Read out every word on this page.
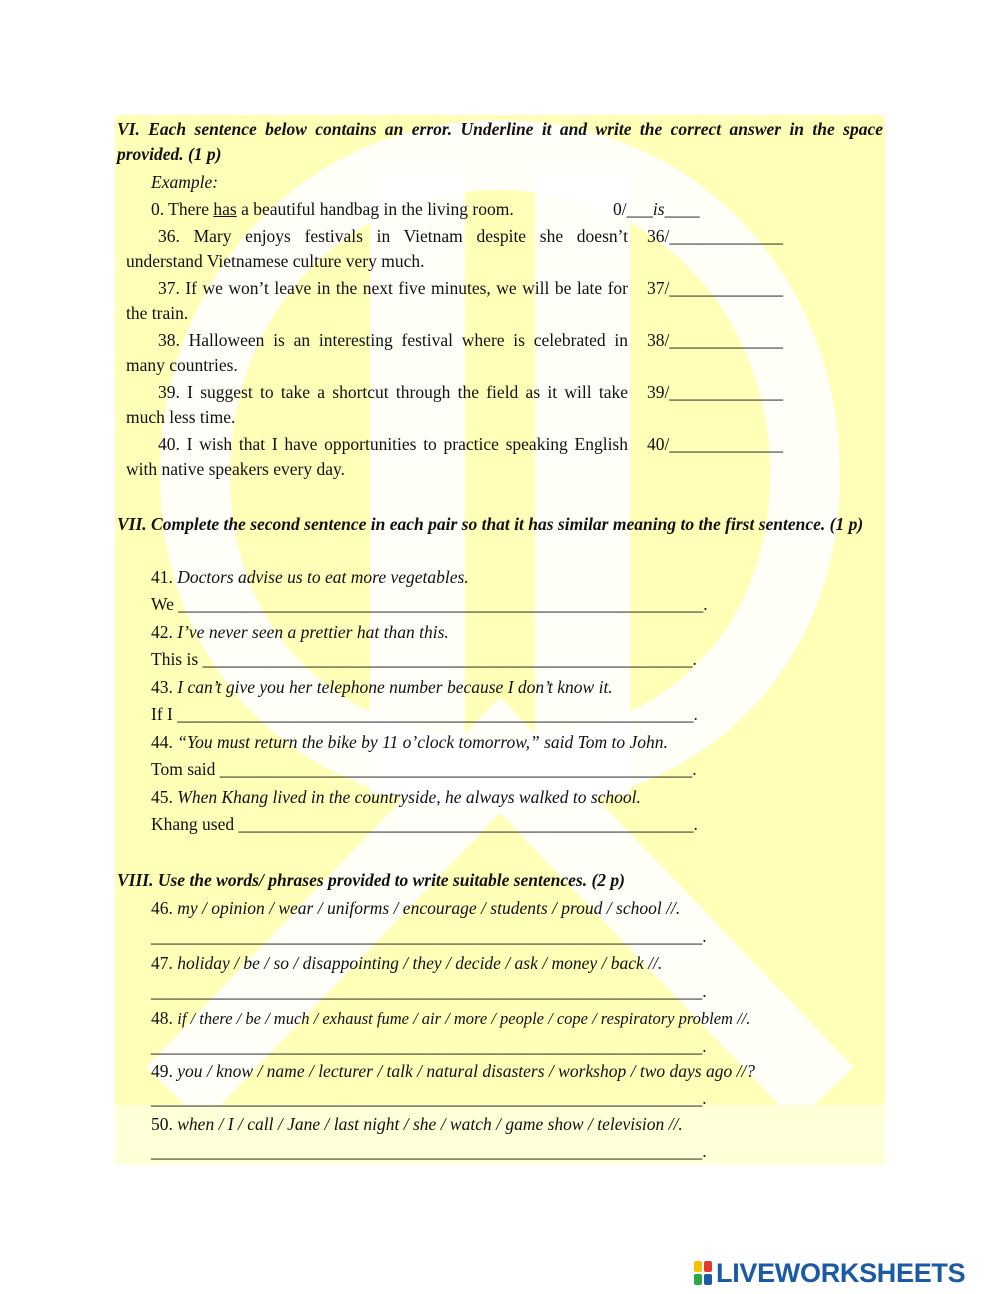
VI. Each sentence below contains an error. Underline it and write the correct answer in the space provided. (1 p)
Example:
0. There has a beautiful handbag in the living room.	0/___is____
36. Mary enjoys festivals in Vietnam despite she doesn’t understand Vietnamese culture very much.
36/_____________
37. If we won’t leave in the next five minutes, we will be late for the train.
37/_____________
38. Halloween is an interesting festival where is celebrated in many countries.
38/_____________
39. I suggest to take a shortcut through the field as it will take much less time.
39/_____________
40. I wish that I have opportunities to practice speaking English with native speakers every day.
40/_____________
VII. Complete the second sentence in each pair so that it has similar meaning to the first sentence. (1 p)
41. Doctors advise us to eat more vegetables.
We ____________________________________________________________.
42. I’ve never seen a prettier hat than this.
This is ________________________________________________________.
43. I can’t give you her telephone number because I don’t know it.
If I ___________________________________________________________.
44. “You must return the bike by 11 o’clock tomorrow,” said Tom to John.
Tom said ______________________________________________________.
45. When Khang lived in the countryside, he always walked to school.
Khang used ____________________________________________________.
VIII. Use the words/ phrases provided to write suitable sentences. (2 p)
46. my / opinion / wear / uniforms / encourage / students / proud / school //.
_______________________________________________________________.
47. holiday / be / so / disappointing / they / decide / ask / money / back //.
_______________________________________________________________.
48. if / there / be / much / exhaust fume / air / more / people / cope / respiratory problem //.
_______________________________________________________________.
49. you / know / name / lecturer / talk / natural disasters / workshop / two days ago //?
_______________________________________________________________.
50. when / I / call / Jane / last night / she / watch / game show / television //.
_______________________________________________________________.
LIVEWORKSHEETS
